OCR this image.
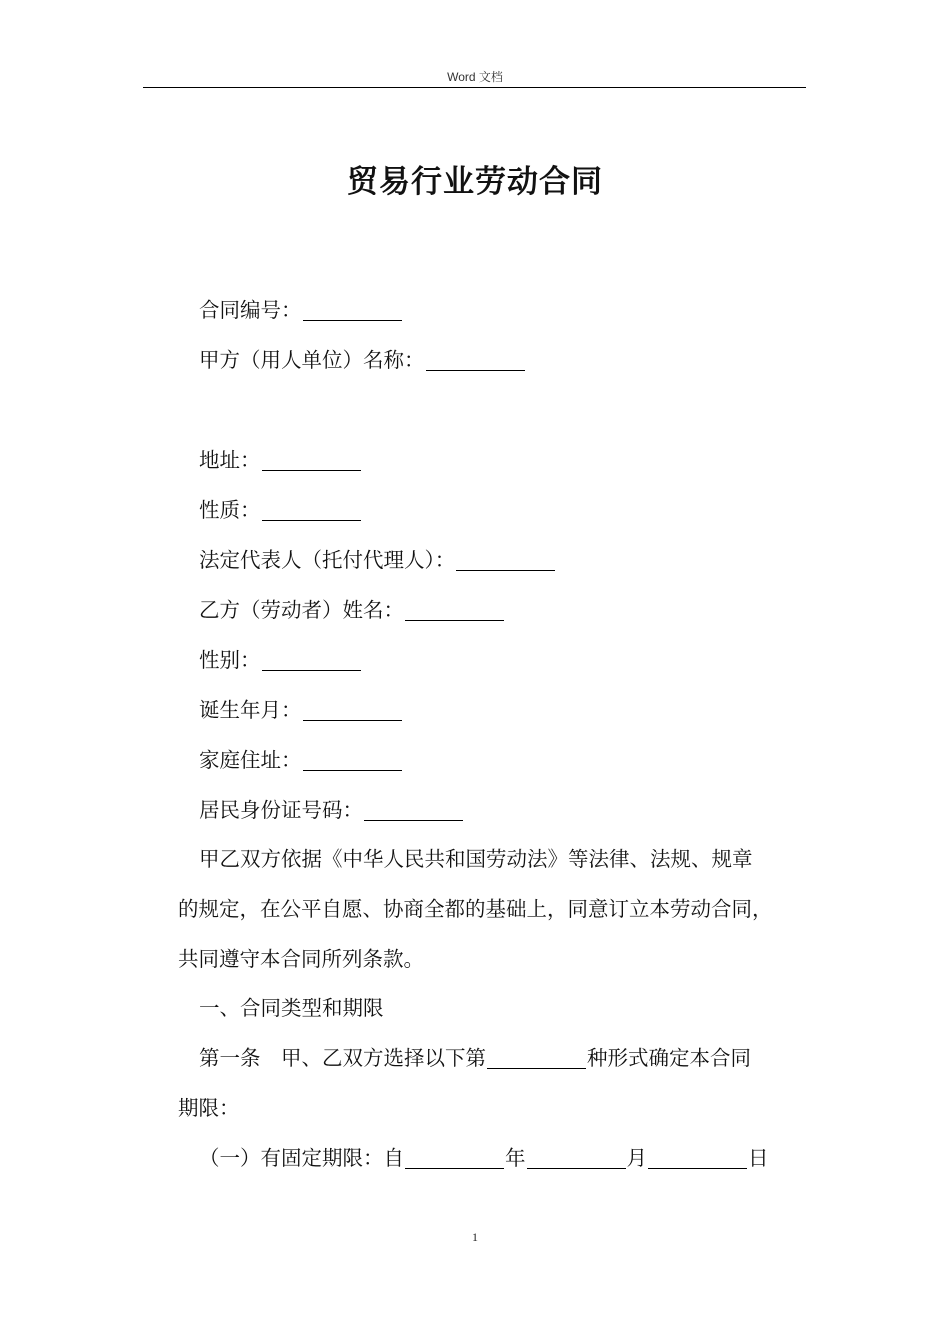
Word 文档
贸易行业劳动合同
合同编号：
甲方（用人单位）名称：
地址：
性质：
法定代表人（托付代理人）：
乙方（劳动者）姓名：
性别：
诞生年月：
家庭住址：
居民身份证号码：
甲乙双方依据《中华人民共和国劳动法》等法律、法规、规章
的规定，在公平自愿、协商全都的基础上，同意订立本劳动合同，
共同遵守本合同所列条款。
一、合同类型和期限
第一条　甲、乙双方选择以下第	种形式确定本合同
期限：
（一）有固定期限：自	年	月	日
1
